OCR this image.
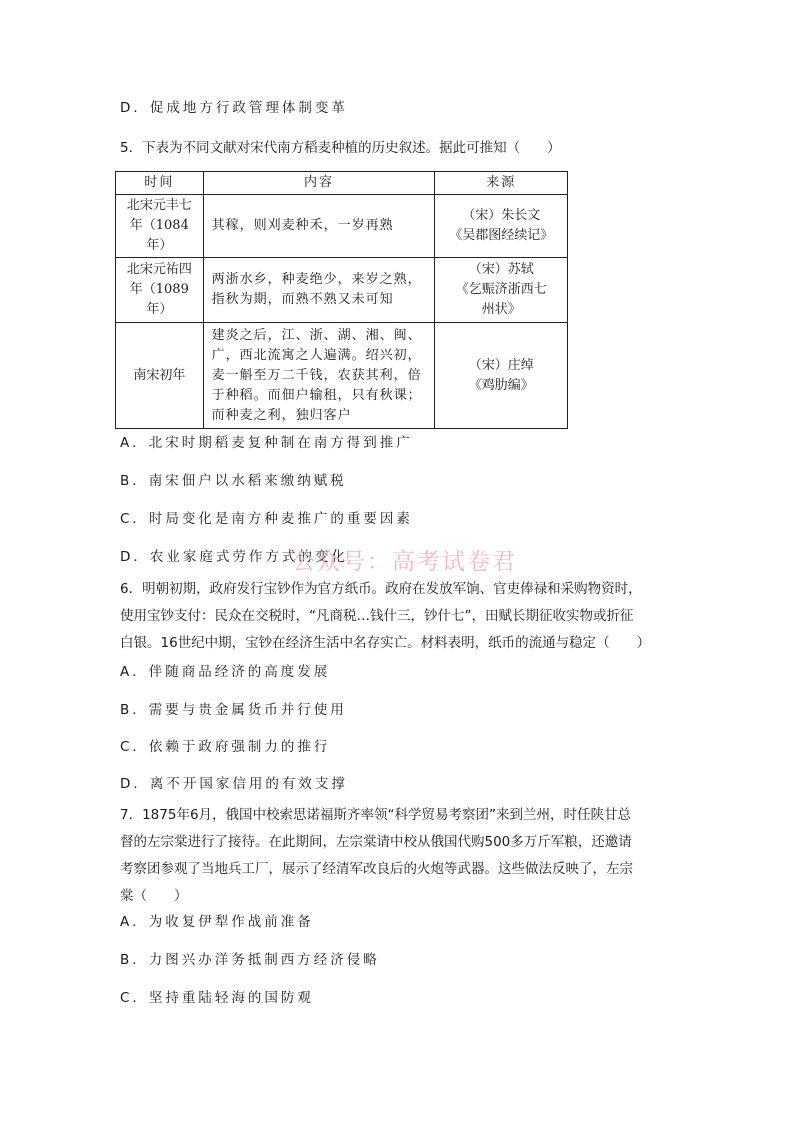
D．促成地方行政管理体制变革
5．下表为不同文献对宋代南方稻麦种植的历史叙述。据此可推知（　　）
时间	内容	来源

北宋元丰七
年（1084
年）	其稼，则刈麦种禾，一岁再熟	（宋）朱长文
《吴郡图经续记》

北宋元祐四
年（1089
年）	两浙水乡，种麦绝少，来岁之熟，
指秋为期，而熟不熟又未可知	（宋）苏轼
《乞赈济浙西七
州状》

南宋初年	建炎之后，江、浙、湖、湘、闽、
广，西北流寓之人遍满。绍兴初，
麦一斛至万二千钱，农获其利，倍
于种稻。而佃户输租，只有秋课；
而种麦之利，独归客户	（宋）庄绰
《鸡肋编》
A．北宋时期稻麦复种制在南方得到推广
B．南宋佃户以水稻来缴纳赋税
C．时局变化是南方种麦推广的重要因素
D．农业家庭式劳作方式的变化
公众号：高考试卷君
6．明朝初期，政府发行宝钞作为官方纸币。政府在发放军饷、官吏俸禄和采购物资时，
使用宝钞支付：民众在交税时，“凡商税…钱什三，钞什七”，田赋长期征收实物或折征
白银。16世纪中期，宝钞在经济生活中名存实亡。材料表明，纸币的流通与稳定（　　）
A．伴随商品经济的高度发展
B．需要与贵金属货币并行使用
C．依赖于政府强制力的推行
D．离不开国家信用的有效支撑
7．1875年6月，俄国中校索思诺福斯齐率领“科学贸易考察团”来到兰州，时任陕甘总
督的左宗棠进行了接待。在此期间，左宗棠请中校从俄国代购500多万斤军粮，还邀请
考察团参观了当地兵工厂，展示了经清军改良后的火炮等武器。这些做法反映了，左宗
棠（　　）
A．为收复伊犁作战前准备
B．力图兴办洋务抵制西方经济侵略
C．坚持重陆轻海的国防观
